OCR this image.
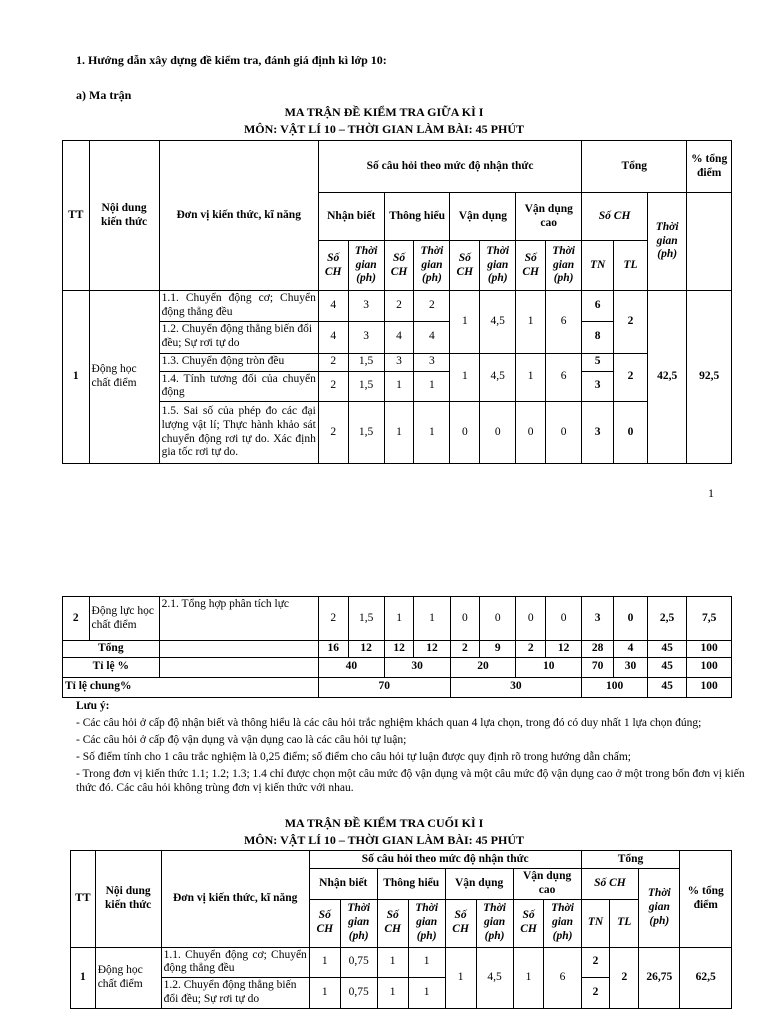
1. Hướng dẫn xây dựng đề kiểm tra, đánh giá định kì lớp 10:
a) Ma trận
MA TRẬN ĐỀ KIỂM TRA GIỮA KÌ I
MÔN: VẬT LÍ 10 – THỜI GIAN LÀM BÀI: 45 PHÚT
TT	Nội dung kiến thức	Đơn vị kiến thức, kĩ năng	Số câu hỏi theo mức độ nhận thức								Tổng			% tổng điểm
			Nhận biết		Thông hiểu		Vận dụng		Vận dụng cao		Số CH		Thời gian (ph)	
			Số CH	Thời gian (ph)	Số CH	Thời gian (ph)	Số CH	Thời gian (ph)	Số CH	Thời gian (ph)	TN	TL		
1	Động học chất điểm	1.1. Chuyển động cơ; Chuyển động thẳng đều	4	3	2	2	1	4,5	1	6	6	2	42,5	92,5
		1.2. Chuyển động thẳng biến đổi đều; Sự rơi tự do	4	3	4	4					8			
		1.3. Chuyển động tròn đều	2	1,5	3	3	1	4,5	1	6	5	2		
		1.4. Tính tương đối của chuyển động	2	1,5	1	1					3			
		1.5. Sai số của phép đo các đại lượng vật lí; Thực hành khảo sát chuyển động rơi tự do. Xác định gia tốc rơi tự do.	2	1,5	1	1	0	0	0	0	3	0		
1
2	Động lực học chất điểm	2.1. Tổng hợp phân tích lực	2	1,5	1	1	0	0	0	0	3	0	2,5	7,5
Tổng			16	12	12	12	2	9	2	12	28	4	45	100
Tỉ lệ %			40		30		20		10		70	30	45	100
Tỉ lệ chung%			70				30				100		45	100
Lưu ý:
- Các câu hỏi ở cấp độ nhận biết và thông hiểu là các câu hỏi trắc nghiệm khách quan 4 lựa chọn, trong đó có duy nhất 1 lựa chọn đúng;
- Các câu hỏi ở cấp độ vận dụng và vận dụng cao là các câu hỏi tự luận;
- Số điểm tính cho 1 câu trắc nghiệm là 0,25 điểm; số điểm cho câu hỏi tự luận được quy định rõ trong hướng dẫn chấm;
- Trong đơn vị kiến thức 1.1; 1.2; 1.3; 1.4 chỉ được chọn một câu mức độ vận dụng và một câu mức độ vận dụng cao ở một trong bốn đơn vị kiến thức đó. Các câu hỏi không trùng đơn vị kiến thức với nhau.
MA TRẬN ĐỀ KIỂM TRA CUỐI KÌ I
MÔN: VẬT LÍ 10 – THỜI GIAN LÀM BÀI: 45 PHÚT
TT	Nội dung kiến thức	Đơn vị kiến thức, kĩ năng	Số câu hỏi theo mức độ nhận thức								Tổng			% tổng điểm
			Nhận biết		Thông hiểu		Vận dụng		Vận dụng cao		Số CH		Thời gian (ph)	
			Số CH	Thời gian (ph)	Số CH	Thời gian (ph)	Số CH	Thời gian (ph)	Số CH	Thời gian (ph)	TN	TL		
1	Động học chất điểm	1.1. Chuyển động cơ; Chuyển động thẳng đều	1	0,75	1	1	1	4,5	1	6	2	2	26,75	62,5
		1.2. Chuyển động thẳng biến đổi đều; Sự rơi tự do	1	0,75	1	1					2			
